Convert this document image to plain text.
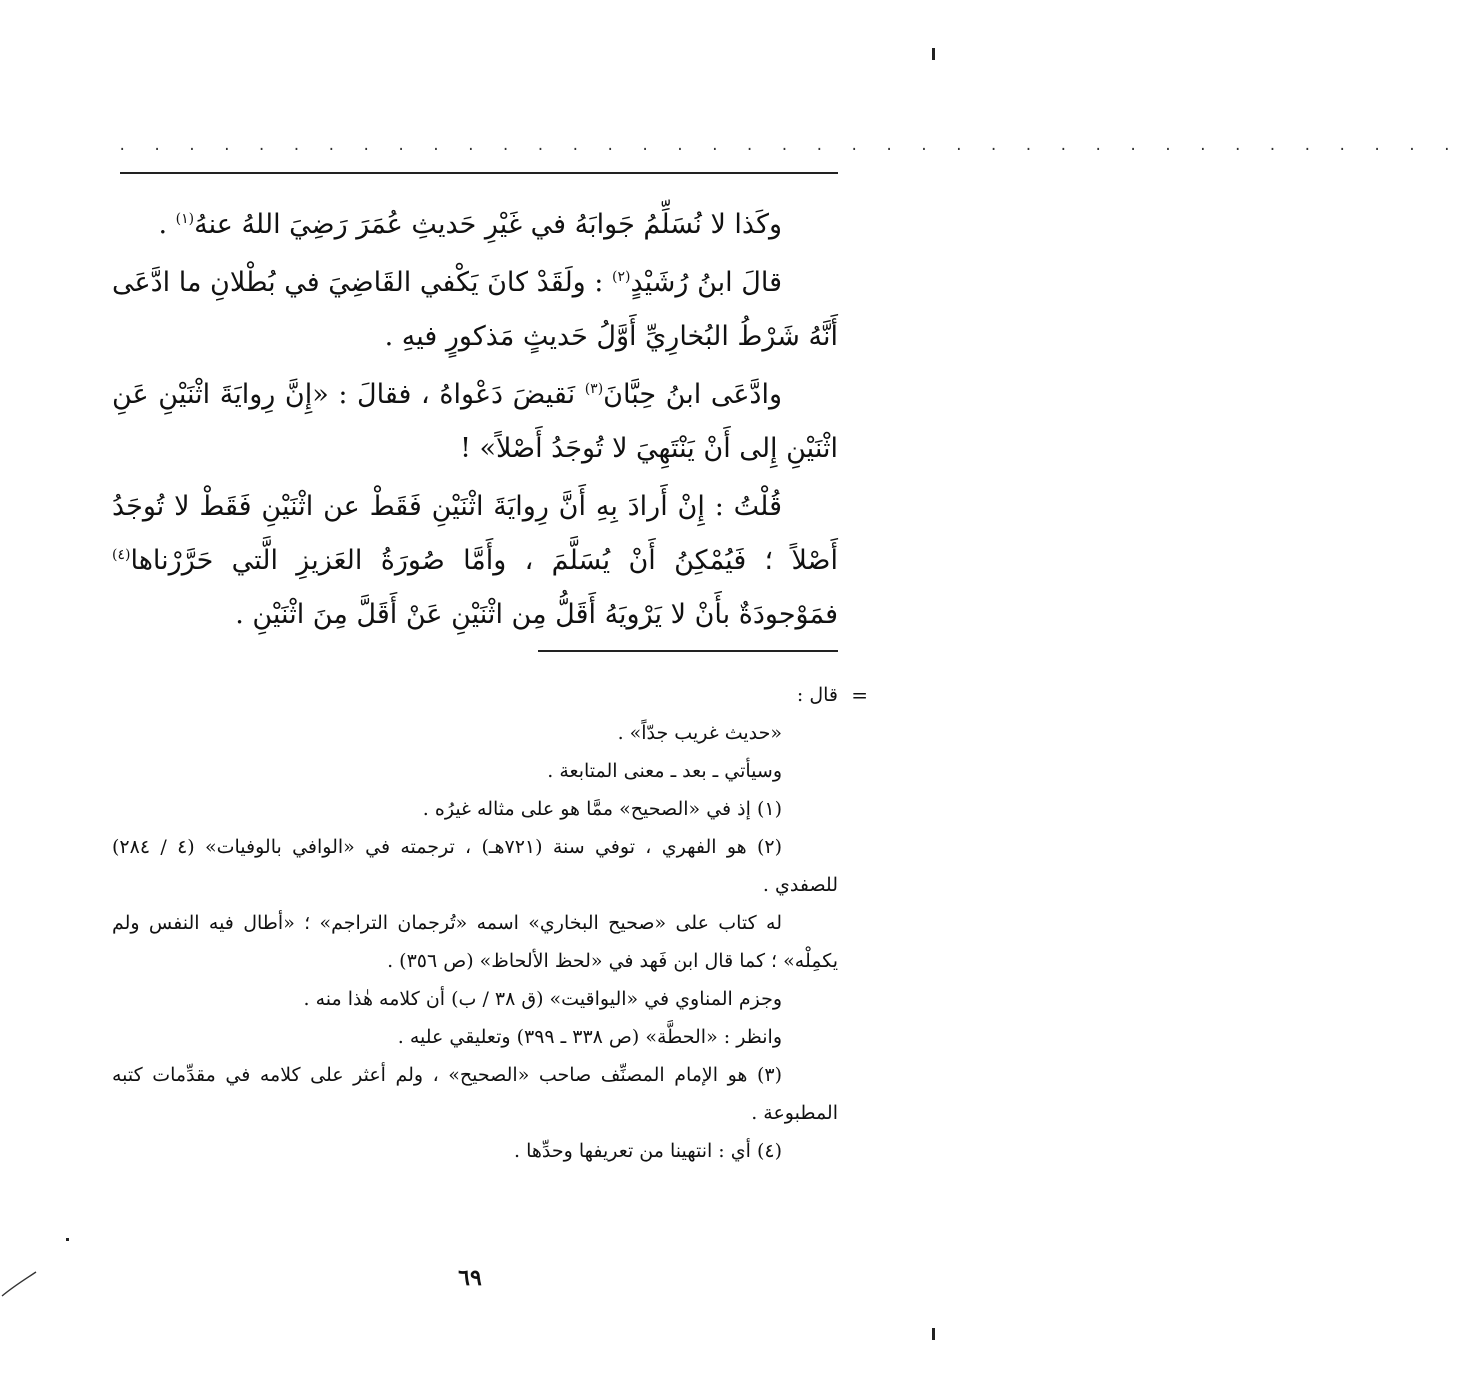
. . . . . . . . . . . . . . . . . . . . . . . . . . . . . . . . . . . . . . .

وكَذا لا نُسَلِّمُ جَوابَهُ في غَيْرِ حَديثِ عُمَرَ رَضِيَ اللهُ عنهُ$^{(١)}$ .

قالَ ابنُ رُشَيْدٍ$^{(٢)}$ : ولَقَدْ كانَ يَكْفي القَاضِيَ في بُطْلانِ ما ادَّعَى أَنَّهُ شَرْطُ البُخارِيِّ أَوَّلُ حَديثٍ مَذكورٍ فيهِ .

وادَّعَى ابنُ حِبَّانَ$^{(٣)}$ نَقيضَ دَعْواهُ ، فقالَ : «إِنَّ رِوايَةَ اثْنَيْنِ عَنِ اثْنَيْنِ إِلى أَنْ يَنْتَهِيَ لا تُوجَدُ أَصْلاً» !

قُلْتُ : إِنْ أَرادَ بِهِ أَنَّ رِوايَةَ اثْنَيْنِ فَقَطْ عن اثْنَيْنِ فَقَطْ لا تُوجَدُ أَصْلاً ؛ فَيُمْكِنُ أَنْ يُسَلَّمَ ، وأَمَّا صُورَةُ العَزيزِ الَّتي حَرَّرْناها$^{(٤)}$ فمَوْجودَةٌ بأَنْ لا يَرْويَهُ أَقَلُّ مِن اثْنَيْنِ عَنْ أَقَلَّ مِنَ اثْنَيْنِ .

=

قال :

«حديث غريب جدّاً» .

وسيأتي ـ بعد ـ معنى المتابعة .

(١) إذ في «الصحيح» ممَّا هو على مثاله غيرُه .

(٢) هو الفهري ، توفي سنة (٧٢١هـ) ، ترجمته في «الوافي بالوفيات» (٤ / ٢٨٤) للصفدي .

له كتاب على «صحيح البخاري» اسمه «تُرجمان التراجم» ؛ «أطال فيه النفس ولم يكمِلْه» ؛ كما قال ابن فَهد في «لحظ الألحاظ» (ص ٣٥٦) .

وجزم المناوي في «اليواقيت» (ق ٣٨ / ب) أن كلامه هٰذا منه .

وانظر : «الحطَّة» (ص ٣٣٨ ـ ٣٩٩) وتعليقي عليه .

(٣) هو الإمام المصنِّف صاحب «الصحيح» ، ولم أعثر على كلامه في مقدِّمات كتبه المطبوعة .

(٤) أي : انتهينا من تعريفها وحدِّها .

٦٩
